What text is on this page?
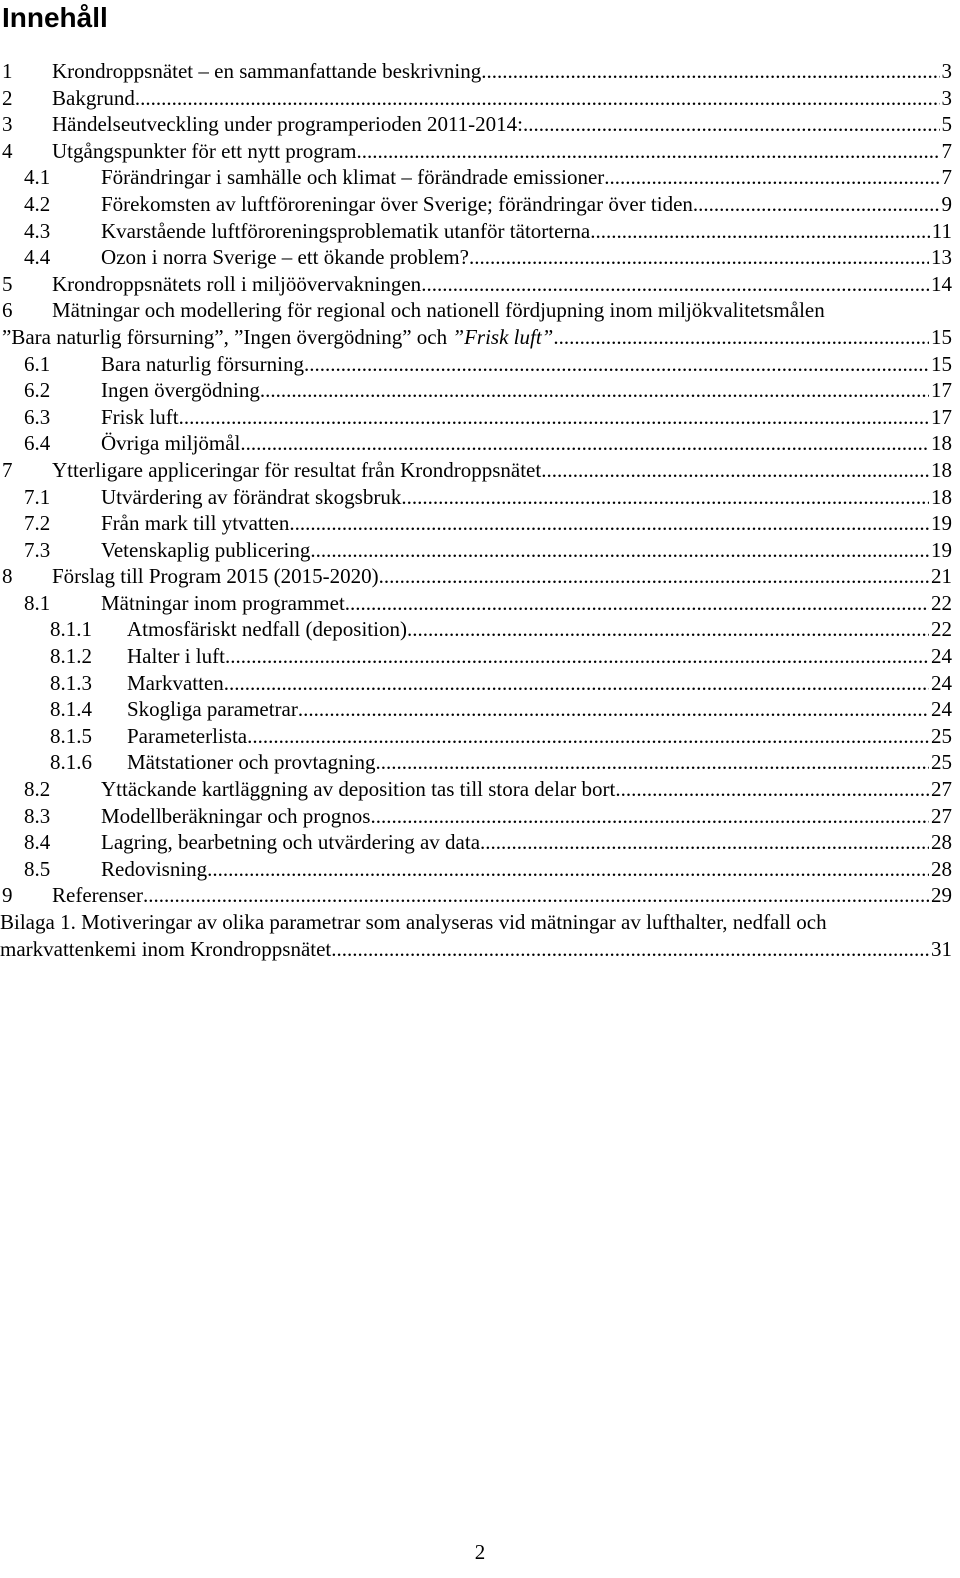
Innehåll
1	Krondroppsnätet – en sammanfattande beskrivning .....	3
2	Bakgrund .....	3
3	Händelseutveckling under programperioden 2011-2014: .....	5
4	Utgångspunkter för ett nytt program .....	7
4.1	Förändringar i samhälle och klimat – förändrade emissioner .....	7
4.2	Förekomsten av luftföroreningar över Sverige; förändringar över tiden .....	9
4.3	Kvarstående luftföroreningsproblematik utanför tätorterna .....	11
4.4	Ozon i norra Sverige – ett ökande problem? .....	13
5	Krondroppsnätets roll i miljöövervakningen .....	14
6	Mätningar och modellering för regional och nationell fördjupning inom miljökvalitetsmålen
”Bara naturlig försurning”, ”Ingen övergödning” och ”Frisk luft” .....	15
6.1	Bara naturlig försurning .....	15
6.2	Ingen övergödning .....	17
6.3	Frisk luft .....	17
6.4	Övriga miljömål .....	18
7	Ytterligare appliceringar för resultat från Krondroppsnätet .....	18
7.1	Utvärdering av förändrat skogsbruk .....	18
7.2	Från mark till ytvatten .....	19
7.3	Vetenskaplig publicering .....	19
8	Förslag till Program 2015 (2015-2020) .....	21
8.1	Mätningar inom programmet .....	22
8.1.1	Atmosfäriskt nedfall (deposition) .....	22
8.1.2	Halter i luft .....	24
8.1.3	Markvatten .....	24
8.1.4	Skogliga parametrar .....	24
8.1.5	Parameterlista .....	25
8.1.6	Mätstationer och provtagning .....	25
8.2	Yttäckande kartläggning av deposition tas till stora delar bort .....	27
8.3	Modellberäkningar och prognos .....	27
8.4	Lagring, bearbetning och utvärdering av data .....	28
8.5	Redovisning .....	28
9	Referenser .....	29
Bilaga 1. Motiveringar av olika parametrar som analyseras vid mätningar av lufthalter, nedfall och
markvattenkemi inom Krondroppsnätet .....	31
2
